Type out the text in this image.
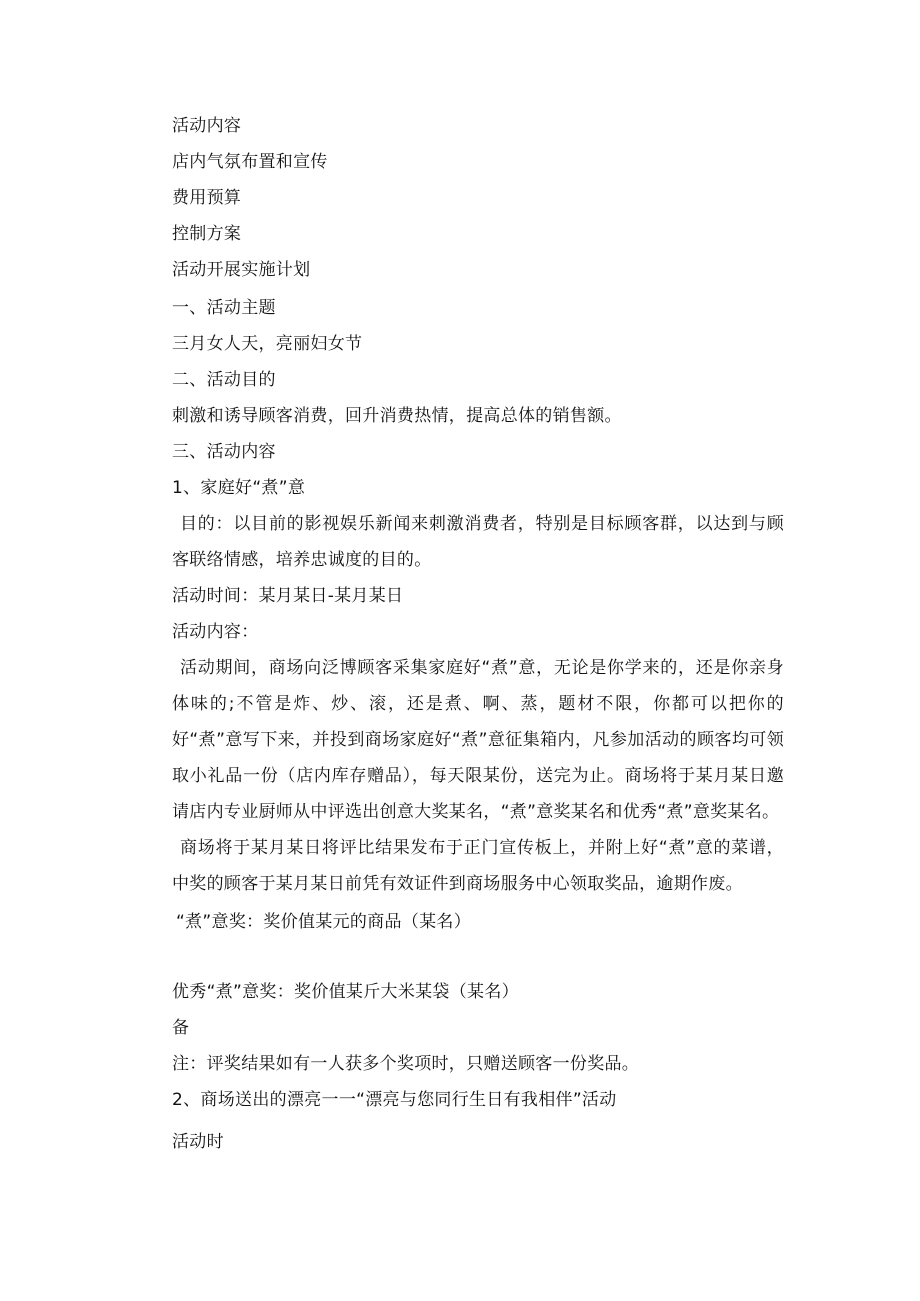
活动内容

店内气氛布置和宣传

费用预算

控制方案

活动开展实施计划

一、活动主题

三月女人天，亮丽妇女节

二、活动目的

刺激和诱导顾客消费，回升消费热情，提高总体的销售额。

三、活动内容

1、家庭好“煮”意

目的：以目前的影视娱乐新闻来刺激消费者，特别是目标顾客群，以达到与顾客联络情感，培养忠诚度的目的。

活动时间：某月某日-某月某日

活动内容：

活动期间，商场向泛博顾客采集家庭好“煮”意，无论是你学来的，还是你亲身体味的;不管是炸、炒、滚，还是煮、啊、蒸，题材不限，你都可以把你的好“煮”意写下来，并投到商场家庭好“煮”意征集箱内，凡参加活动的顾客均可领取小礼品一份（店内库存赠品），每天限某份，送完为止。商场将于某月某日邀请店内专业厨师从中评选出创意大奖某名，“煮”意奖某名和优秀“煮”意奖某名。

商场将于某月某日将评比结果发布于正门宣传板上，并附上好“煮”意的菜谱，中奖的顾客于某月某日前凭有效证件到商场服务中心领取奖品，逾期作废。

“煮”意奖：奖价值某元的商品（某名）

优秀“煮”意奖：奖价值某斤大米某袋（某名）

备

注：评奖结果如有一人获多个奖项时，只赠送顾客一份奖品。

2、商场送出的漂亮一一“漂亮与您同行生日有我相伴”活动

活动时
